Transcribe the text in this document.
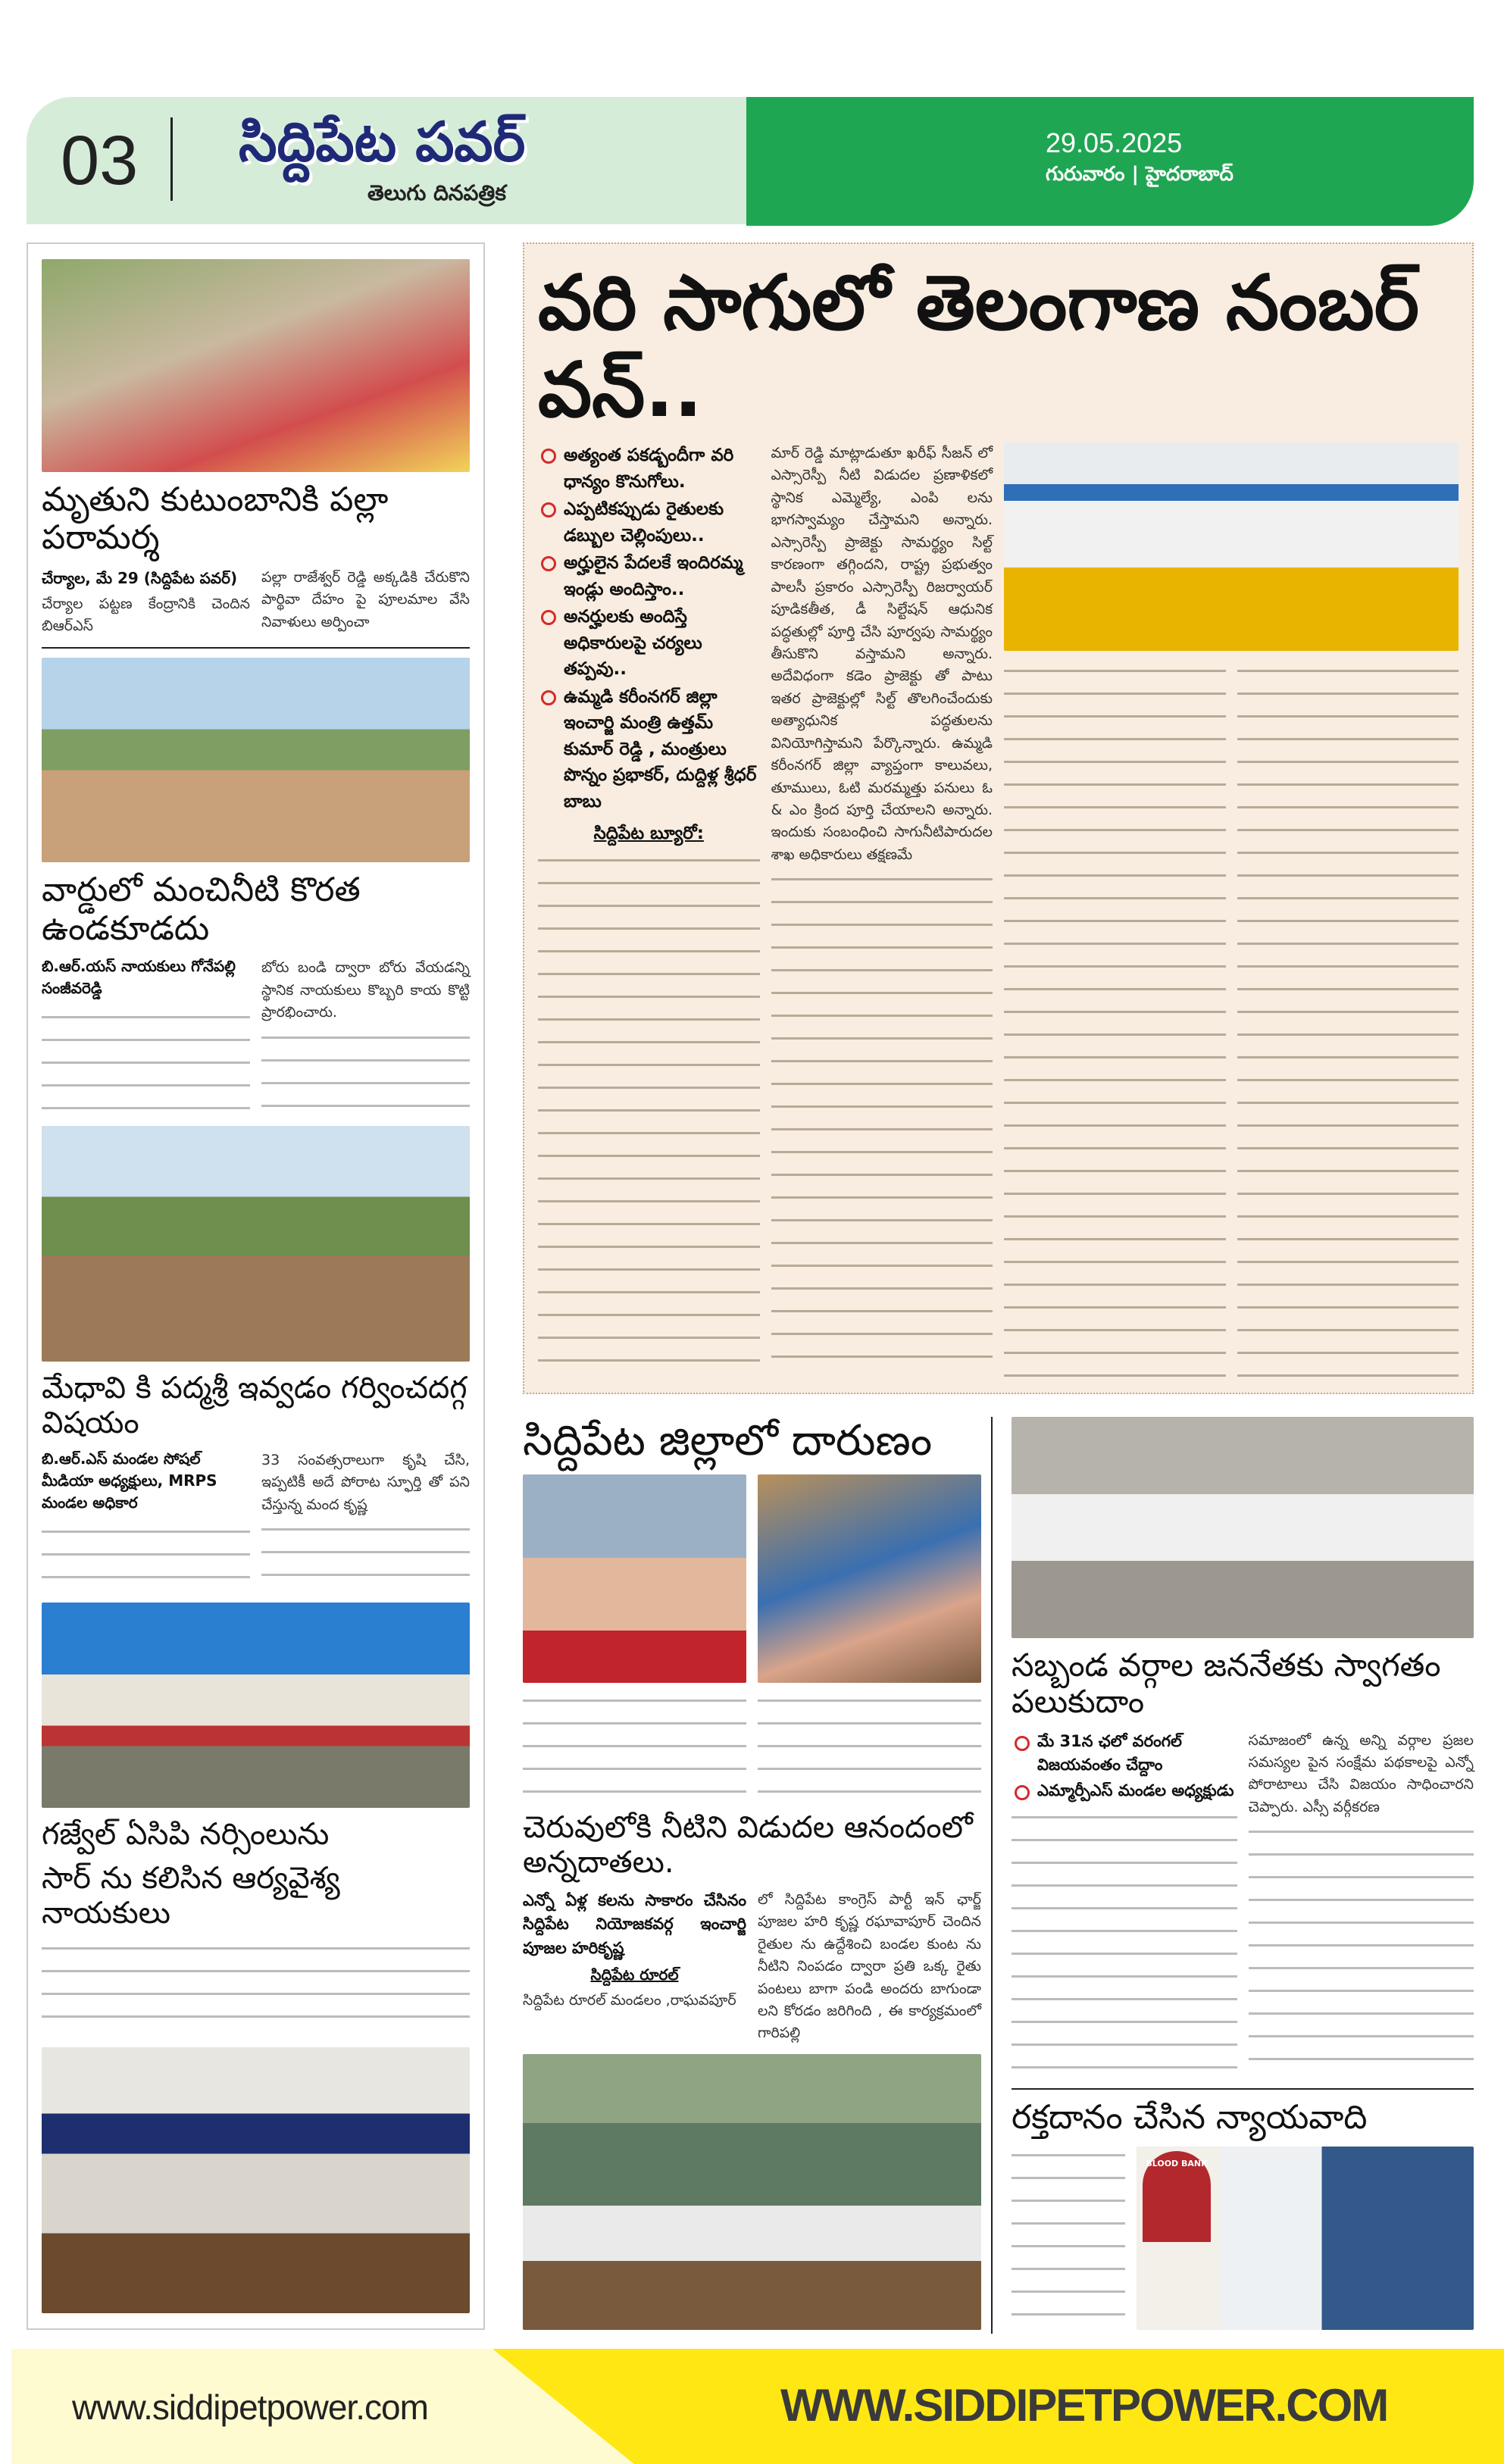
03 సిద్దిపేట పవర్
తెలుగు దినపత్రిక
29.05.2025
గురువారం | హైదరాబాద్
మృతుని కుటుంబానికి పల్లా పరామర్శ
చేర్యాల, మే 29 (సిద్దిపేట పవర్)
చేర్యాల పట్టణ కేంద్రానికి చెందిన బిఆర్ఎస్
పల్లా రాజేశ్వర్ రెడ్డి అక్కడికి చేరుకొని పార్థివా దేహం పై పూలమాల వేసి నివాళులు అర్పించా
వార్డులో మంచినీటి కొరత ఉండకూడదు
బి.ఆర్.యస్ నాయకులు గోనేపల్లి సంజీవరెడ్డి
బోరు బండి ద్వారా బోరు వేయడన్ని స్థానిక నాయకులు కొబ్బరి కాయ కొట్టి ప్రారభించారు.
మేధావి కి పద్మశ్రీ ఇవ్వడం గర్వించదగ్గ విషయం
బి.ఆర్.ఎస్ మండల సోషల్ మీడియా అధ్యక్షులు, MRPS మండల అధికార
33 సంవత్సరాలుగా కృషి చేసి, ఇప్పటికీ అదే పోరాట స్ఫూర్తి తో పని చేస్తున్న మంద కృష్ణ
గజ్వేల్ ఏసిపి నర్సింలును
సార్ ను కలిసిన ఆర్యవైశ్య నాయకులు
వరి సాగులో తెలంగాణ నంబర్ వన్..
అత్యంత పకడ్బందీగా వరి ధాన్యం కొనుగోలు.
ఎప్పటికప్పుడు రైతులకు డబ్బుల చెల్లింపులు..
అర్హులైన పేదలకే ఇందిరమ్మ ఇండ్లు అందిస్తాం..
అనర్హులకు అందిస్తే అధికారులపై చర్యలు తప్పవు..
ఉమ్మడి కరీంనగర్ జిల్లా ఇంచార్జి మంత్రి ఉత్తమ్ కుమార్ రెడ్డి , మంత్రులు పొన్నం ప్రభాకర్, దుద్దిళ్ల శ్రీధర్ బాబు
సిద్దిపేట బ్యూరో:
మార్ రెడ్డి మాట్లాడుతూ ఖరీఫ్ సీజన్ లో ఎస్సారెస్పీ నీటి విడుదల ప్రణాళికలో స్థానిక ఎమ్మెల్యే, ఎంపి లను భాగస్వామ్యం చేస్తామని అన్నారు. ఎస్సారెస్పీ ప్రాజెక్టు సామర్థ్యం సిల్ట్ కారణంగా తగ్గిందని, రాష్ట్ర ప్రభుత్వం పాలసీ ప్రకారం ఎస్సారెస్పీ రిజర్వాయర్ పూడికతీత, డీ సిల్టేషన్ ఆధునిక పద్ధతుల్లో పూర్తి చేసి పూర్వపు సామర్థ్యం తీసుకొని వస్తామని అన్నారు. అదేవిధంగా కడెం ప్రాజెక్టు తో పాటు ఇతర ప్రాజెక్టుల్లో సిల్ట్ తొలగించేందుకు అత్యాధునిక పద్ధతులను వినియోగిస్తామని పేర్కొన్నారు. ఉమ్మడి కరీంనగర్ జిల్లా వ్యాప్తంగా కాలువలు, తూములు, ఓటి మరమ్మత్తు పనులు ఓ & ఎం క్రింద పూర్తి చేయాలని అన్నారు. ఇందుకు సంబంధించి సాగునీటిపారుదల శాఖ అధికారులు తక్షణమే
సిద్దిపేట జిల్లాలో దారుణం
చెరువులోకి నీటిని విడుదల ఆనందంలో అన్నదాతలు.
ఎన్నో ఏళ్ల కలను సాకారం చేసినం సిద్దిపేట నియోజకవర్గ ఇంచార్జి పూజల హరికృష్ణ
సిద్దిపేట రూరల్
సిద్దిపేట రూరల్ మండలం ,రాఘవపూర్
లో సిద్దిపేట కాంగ్రెస్ పార్టీ ఇన్ ఛార్జ్ పూజల హరి కృష్ణ రఘావాపూర్ చెందిన రైతుల ను ఉద్దేశించి బండల కుంట ను నీటిని నింపడం ద్వారా ప్రతి ఒక్క రైతు పంటలు బాగా పండి అందరు బాగుండా లని కోరడం జరిగింది , ఈ కార్యక్రమంలో గారిపల్లి
సబ్బండ వర్గాల జననేతకు స్వాగతం పలుకుదాం
మే 31న ఛలో వరంగల్ విజయవంతం చేద్దాం
ఎమ్మార్పీఎస్ మండల అధ్యక్షుడు
సమాజంలో ఉన్న అన్ని వర్గాల ప్రజల సమస్యల పైన సంక్షేమ పథకాలపై ఎన్నో పోరాటాలు చేసి విజయం సాధించారని చెప్పారు. ఎస్సీ వర్గీకరణ
రక్తదానం చేసిన న్యాయవాది
BLOOD BANK
www.siddipetpower.com	WWW.SIDDIPETPOWER.COM
